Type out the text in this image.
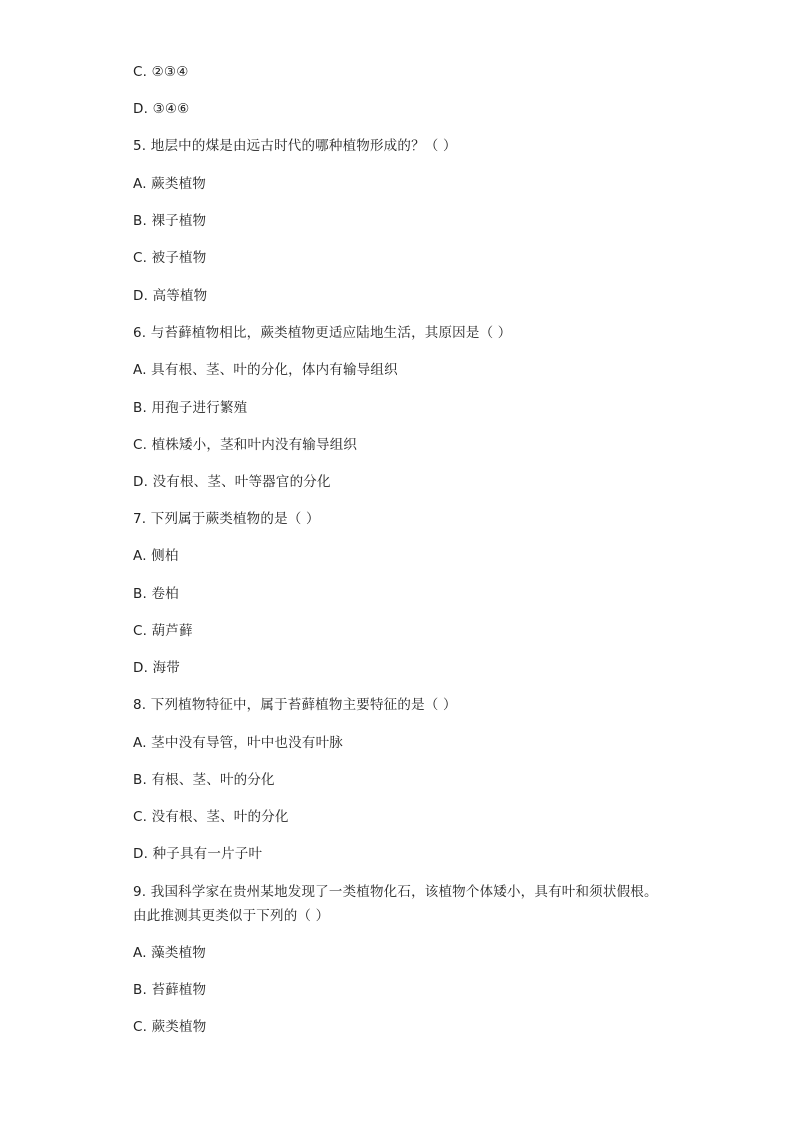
C. ②③④
D. ③④⑥
5. 地层中的煤是由远古时代的哪种植物形成的？（ ）
A. 蕨类植物
B. 裸子植物
C. 被子植物
D. 高等植物
6. 与苔藓植物相比，蕨类植物更适应陆地生活，其原因是（ ）
A. 具有根、茎、叶的分化，体内有输导组织
B. 用孢子进行繁殖
C. 植株矮小，茎和叶内没有输导组织
D. 没有根、茎、叶等器官的分化
7. 下列属于蕨类植物的是（ ）
A. 侧柏
B. 卷柏
C. 葫芦藓
D. 海带
8. 下列植物特征中，属于苔藓植物主要特征的是（ ）
A. 茎中没有导管，叶中也没有叶脉
B. 有根、茎、叶的分化
C. 没有根、茎、叶的分化
D. 种子具有一片子叶
9. 我国科学家在贵州某地发现了一类植物化石，该植物个体矮小，具有叶和须状假根。
由此推测其更类似于下列的（ ）
A. 藻类植物
B. 苔藓植物
C. 蕨类植物
